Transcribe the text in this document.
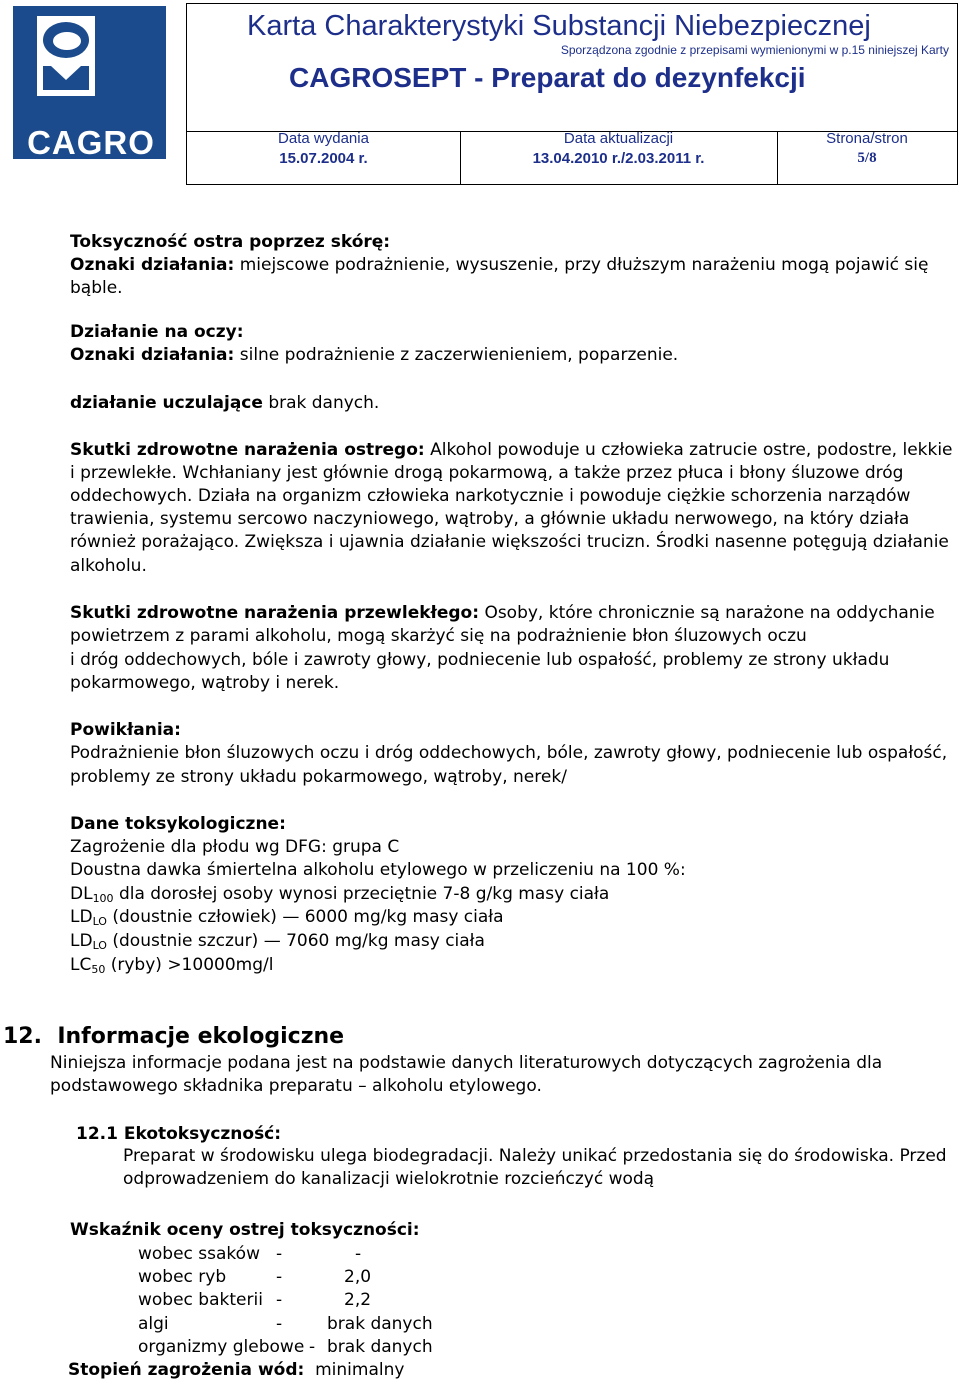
CAGRO
Karta Charakterystyki Substancji Niebezpiecznej
Sporządzona zgodnie z przepisami wymienionymi w p.15 niniejszej Karty
CAGROSEPT - Preparat do dezynfekcji
Data wydania
15.07.2004 r.
Data aktualizacji
13.04.2010 r./2.03.2011 r.
Strona/stron
5/8
Toksyczność ostra poprzez skórę:
Oznaki działania: miejscowe podrażnienie, wysuszenie, przy dłuższym narażeniu mogą pojawić się
bąble.
Działanie na oczy:
Oznaki działania: silne podrażnienie z zaczerwienieniem, poparzenie.
działanie uczulające brak danych.
Skutki zdrowotne narażenia ostrego: Alkohol powoduje u człowieka zatrucie ostre, podostre, lekkie
i przewlekłe. Wchłaniany jest głównie drogą pokarmową, a także przez płuca i błony śluzowe dróg
oddechowych. Działa na organizm człowieka narkotycznie i powoduje ciężkie schorzenia narządów
trawienia, systemu sercowo naczyniowego, wątroby, a głównie układu nerwowego, na który działa
również porażająco. Zwiększa i ujawnia działanie większości trucizn. Środki nasenne potęgują działanie
alkoholu.
Skutki zdrowotne narażenia przewlekłego: Osoby, które chronicznie są narażone na oddychanie
powietrzem z parami alkoholu, mogą skarżyć się na podrażnienie błon śluzowych oczu
i dróg oddechowych, bóle i zawroty głowy, podniecenie lub ospałość, problemy ze strony układu
pokarmowego, wątroby i nerek.
Powikłania:
Podrażnienie błon śluzowych oczu i dróg oddechowych, bóle, zawroty głowy, podniecenie lub ospałość,
problemy ze strony układu pokarmowego, wątroby, nerek/
Dane toksykologiczne:
Zagrożenie dla płodu wg DFG: grupa C
Doustna dawka śmiertelna alkoholu etylowego w przeliczeniu na 100 %:
$DL_{100}$ dla dorosłej osoby wynosi przeciętnie 7-8 g/kg masy ciała
$LD_{LO}$ (doustnie człowiek) — 6000 mg/kg masy ciała
$LD_{LO}$ (doustnie szczur) — 7060 mg/kg masy ciała
$LC_{50}$ (ryby) >10000mg/l
12. Informacje ekologiczne
Niniejsza informacje podana jest na podstawie danych literaturowych dotyczących zagrożenia dla
podstawowego składnika preparatu – alkoholu etylowego.
12.1 Ekotoksyczność:
Preparat w środowisku ulega biodegradacji. Należy unikać przedostania się do środowiska. Przed
odprowadzeniem do kanalizacji wielokrotnie rozcieńczyć wodą
Wskaźnik oceny ostrej toksyczności:
wobec ssaków -	-
wobec ryb	-	2,0
wobec bakterii -	2,2
algi	-	brak danych
organizmy glebowe - brak danych
Stopień zagrożenia wód: minimalny
